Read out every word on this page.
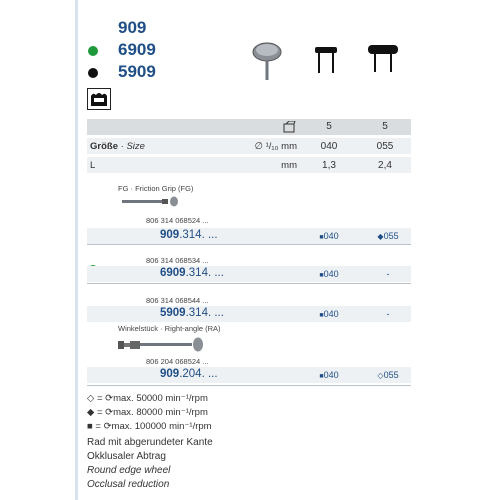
909
6909
5909
5	5
Größe · Size	∅ ¹/₁₀ mm	040	055
L	mm	1,3	2,4
FG · Friction Grip (FG)
806 314 068524 ...
909.314. ...	■040	◆055
806 314 068534 ...
6909.314. ...	■040	-
806 314 068544 ...
5909.314. ...	■040	-
Winkelstück · Right-angle (RA)
806 204 068524 ...
909.204. ...	■040	◇055
◇ = ⟳max. 50000 min⁻¹/rpm
◆ = ⟳max. 80000 min⁻¹/rpm
■ = ⟳max. 100000 min⁻¹/rpm
Rad mit abgerundeter Kante
Okklusaler Abtrag
Round edge wheel
Occlusal reduction
